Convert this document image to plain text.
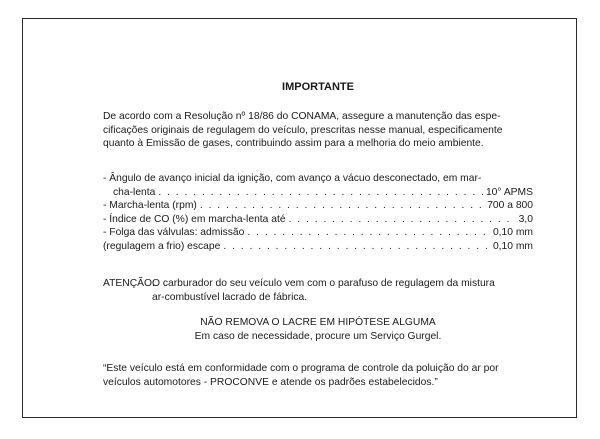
IMPORTANTE
De acordo com a Resolução nº 18/86 do CONAMA, assegure a manutenção das espe-
cificações originais de regulagem do veículo, prescritas nesse manual, especificamente
quanto à Emissão de gases, contribuindo assim para a melhoria do meio ambiente.
- Ângulo de avanço inicial da ignição, com avanço a vácuo desconectado, em mar-
cha-lenta . . .	10° APMS
- Marcha-lenta (rpm) . . .	700 a 800
- Índice de CO (%) em marcha-lenta até . . .	3,0
- Folga das válvulas: admissão . . .	0,10 mm
(regulagem a frio) escape . . .	0,10 mm
ATENÇÃO:
O carburador do seu veículo vem com o parafuso de regulagem da mistura
ar-combustível lacrado de fábrica.
NÃO REMOVA O LACRE EM HIPÓTESE ALGUMA
Em caso de necessidade, procure um Serviço Gurgel.
“Este veículo está em conformidade com o programa de controle da poluição do ar por
veículos automotores - PROCONVE e atende os padrões estabelecidos.”
